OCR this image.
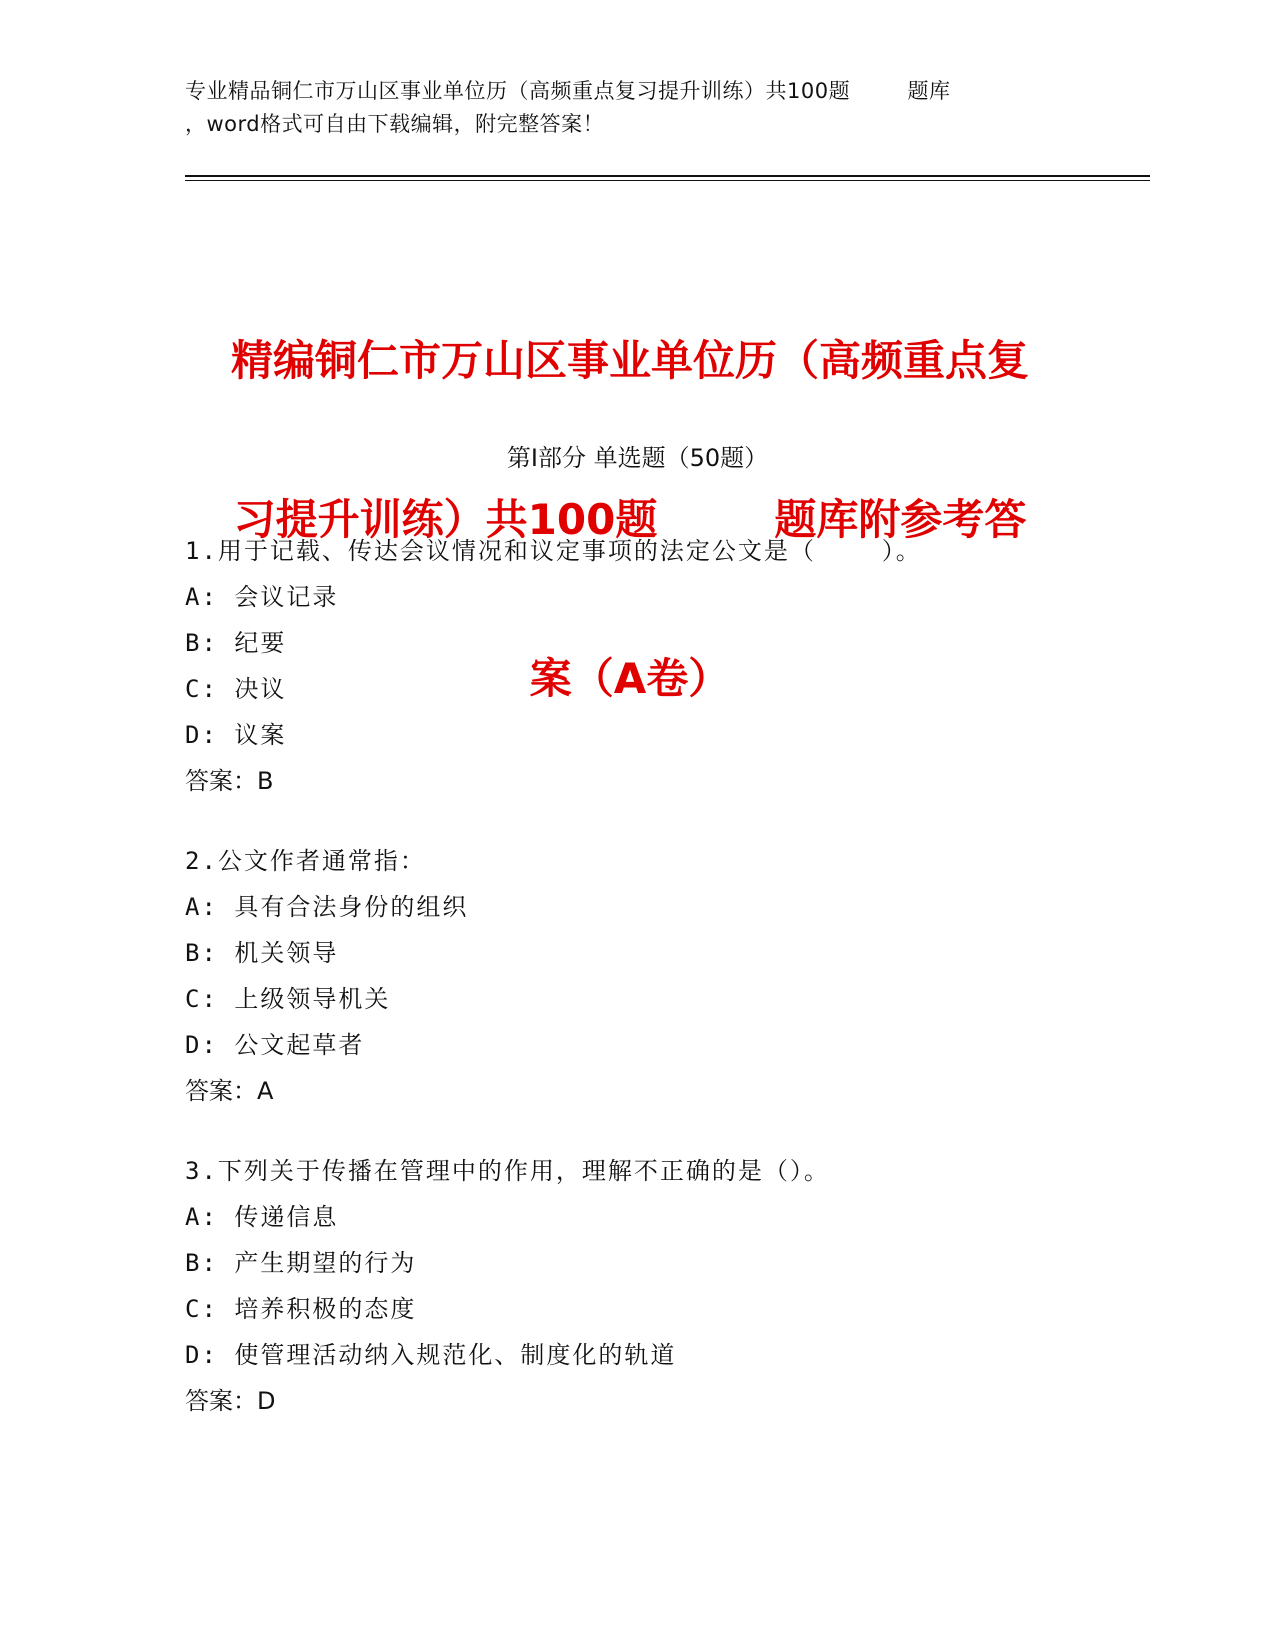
专业精品铜仁市万山区事业单位历（高频重点复习提升训练）共100题        题库
，word格式可自由下载编辑，附完整答案！

精编铜仁市万山区事业单位历（高频重点复

习提升训练）共100题        题库附参考答

案（A卷）

第I部分 单选题（50题）
1.用于记载、传达会议情况和议定事项的法定公文是（    ）。
A: 会议记录
B: 纪要
C: 决议
D: 议案
答案：B
2.公文作者通常指：
A: 具有合法身份的组织
B: 机关领导
C: 上级领导机关
D: 公文起草者
答案：A
3.下列关于传播在管理中的作用，理解不正确的是（）。
A: 传递信息
B: 产生期望的行为
C: 培养积极的态度
D: 使管理活动纳入规范化、制度化的轨道
答案：D
